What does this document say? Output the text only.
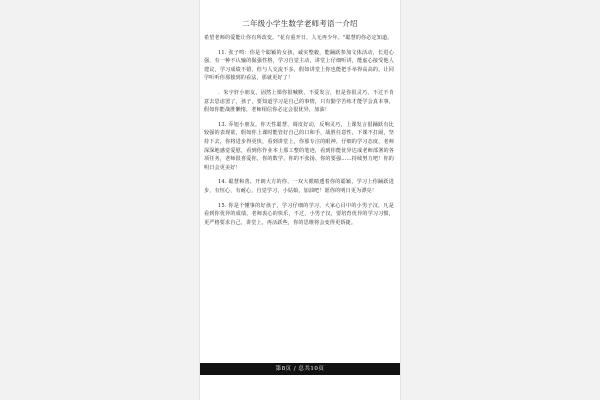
二年级小学生数学老师考语一介绍

希望老师的爱能让你有所改变。"花有重开日，人无再少年。"聪慧的你必定知道。

11. 张子鸣：你是个聪颖的女孩，诚实整毅，能踊跃参加文体活动，长进心强，有一种不认输的倔强性格，学习自觉主动，讲堂上仔细听讲，能虚心接受他人建议，学习成绩不错，但与人交流不多，假如讲堂上你也能把手举得高高的，让同学听听你那独到的看法，那就更好了！

．朱宇轩小朋友，固然上课你很喊默，不爱发言，但是你很灵巧，不过不肯意去思虑罢了，孩子，要知道学习是自己的事情，只有勤学苦练才能学会真本事，假如你能战胜懒惰，老师相信你必定会很优异，加油！

13. 乔旭小朋友，你天性聪慧，调皮好动，反响灵巧，上课发言很踊跃有比较强的表现欲，假如你上课时能管好自己的口和手，战胜任意性，下课不打闹，坚持下去，你将进步得更快，看到讲堂上，你那专注的眼神，仔细的学习态度，老师深深地感觉爱慰，看到你作业本上那工整的笔迹，看到你能优异达成老师部署的各项任务，老师很喜爱你，你的数学、你的不张扬、你的要强……持续努力吧！你的明日会更美好！

14. 聪慧和善、开朗大方的你，一双大眼睛透着你的聪颖，学习上你踊跃进步，有恒心，有耐心，自觉学习，小姑娘，加油吧！愿你的明日更为漂亮！

15. 你是个懂事的好孩子，学习仔细的学习，大家心目中的小男子汉，凡是看到你优异的成绩，老师衷心的快乐，不过，小男子汉，要培育优异的学习习惯，更严格要求自己，讲堂上，再活跃些，你的思维将会变得更矫捷。

第8页 / 总共10页
